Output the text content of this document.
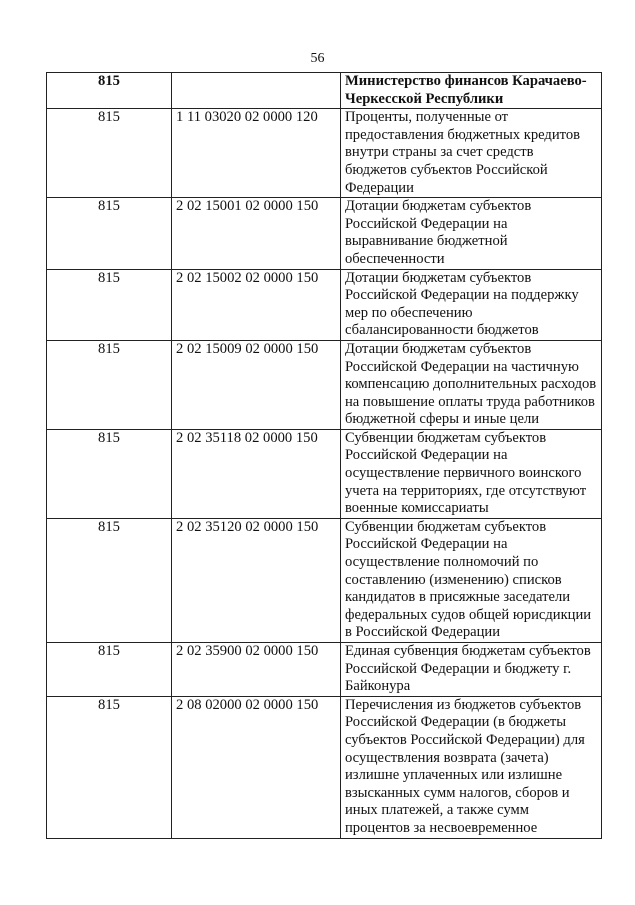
56
815		Министерство финансов Карачаево-Черкесской Республики
815	1 11 03020 02 0000 120	Проценты, полученные от предоставления бюджетных кредитов внутри страны за счет средств бюджетов субъектов Российской Федерации
815	2 02 15001 02 0000 150	Дотации бюджетам субъектов Российской Федерации на выравнивание бюджетной обеспеченности
815	2 02 15002 02 0000 150	Дотации бюджетам субъектов Российской Федерации на поддержку мер по обеспечению сбалансированности бюджетов
815	2 02 15009 02 0000 150	Дотации бюджетам субъектов Российской Федерации на частичную компенсацию дополнительных расходов на повышение оплаты труда работников бюджетной сферы и иные цели
815	2 02 35118 02 0000 150	Субвенции бюджетам субъектов Российской Федерации на осуществление первичного воинского учета на территориях, где отсутствуют военные комиссариаты
815	2 02 35120 02 0000 150	Субвенции бюджетам субъектов Российской Федерации на осуществление полномочий по составлению (изменению) списков кандидатов в присяжные заседатели федеральных судов общей юрисдикции в Российской Федерации
815	2 02 35900 02 0000 150	Единая субвенция бюджетам субъектов Российской Федерации и бюджету г. Байконура
815	2 08 02000 02 0000 150	Перечисления из бюджетов субъектов Российской Федерации (в бюджеты субъектов Российской Федерации) для осуществления возврата (зачета) излишне уплаченных или излишне взысканных сумм налогов, сборов и иных платежей, а также сумм процентов за несвоевременное
